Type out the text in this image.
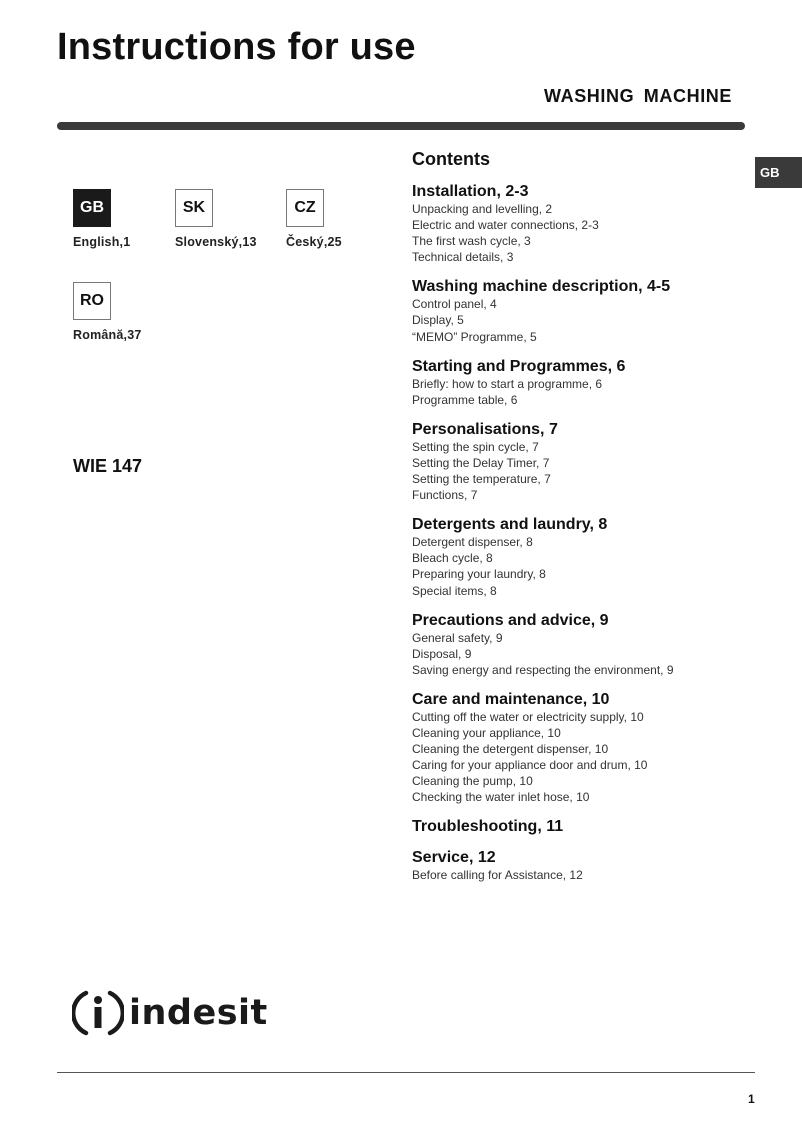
Instructions for use
WASHING MACHINE
GB
GB
English,1
SK
Slovenský,13
CZ
Český,25
RO
Română,37
WIE 147
Contents
Installation, 2-3
Unpacking and levelling, 2
Electric and water connections, 2-3
The first wash cycle, 3
Technical details, 3
Washing machine description, 4-5
Control panel, 4
Display, 5
“MEMO” Programme, 5
Starting and Programmes, 6
Briefly: how to start a programme, 6
Programme table, 6
Personalisations, 7
Setting the spin cycle, 7
Setting the Delay Timer, 7
Setting the temperature, 7
Functions, 7
Detergents and laundry, 8
Detergent dispenser, 8
Bleach cycle, 8
Preparing your laundry, 8
Special items, 8
Precautions and advice, 9
General safety, 9
Disposal, 9
Saving energy and respecting the environment, 9
Care and maintenance, 10
Cutting off the water or electricity supply, 10
Cleaning your appliance, 10
Cleaning the detergent dispenser, 10
Caring for your appliance door and drum, 10
Cleaning the pump, 10
Checking the water inlet hose, 10
Troubleshooting, 11
Service, 12
Before calling for Assistance, 12
indesit
1
